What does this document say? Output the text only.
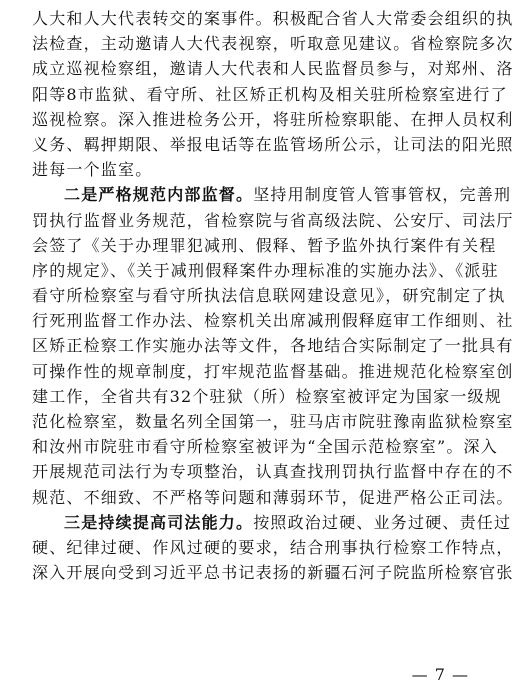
人大和人大代表转交的案事件。积极配合省人大常委会组织的执
法检查，主动邀请人大代表视察，听取意见建议。省检察院多次
成立巡视检察组，邀请人大代表和人民监督员参与，对郑州、洛
阳等8市监狱、看守所、社区矫正机构及相关驻所检察室进行了
巡视检察。深入推进检务公开，将驻所检察职能、在押人员权利
义务、羁押期限、举报电话等在监管场所公示，让司法的阳光照
进每一个监室。
二是严格规范内部监督。坚持用制度管人管事管权，完善刑
罚执行监督业务规范，省检察院与省高级法院、公安厅、司法厅
会签了《关于办理罪犯减刑、假释、暂予监外执行案件有关程
序的规定》、《关于减刑假释案件办理标准的实施办法》、《派驻
看守所检察室与看守所执法信息联网建设意见》，研究制定了执
行死刑监督工作办法、检察机关出席减刑假释庭审工作细则、社
区矫正检察工作实施办法等文件，各地结合实际制定了一批具有
可操作性的规章制度，打牢规范监督基础。推进规范化检察室创
建工作，全省共有32个驻狱（所）检察室被评定为国家一级规
范化检察室，数量名列全国第一，驻马店市院驻豫南监狱检察室
和汝州市院驻市看守所检察室被评为“全国示范检察室”。深入
开展规范司法行为专项整治，认真查找刑罚执行监督中存在的不
规范、不细致、不严格等问题和薄弱环节，促进严格公正司法。
三是持续提高司法能力。按照政治过硬、业务过硬、责任过
硬、纪律过硬、作风过硬的要求，结合刑事执行检察工作特点，
深入开展向受到习近平总书记表扬的新疆石河子院监所检察官张
— 7 —
